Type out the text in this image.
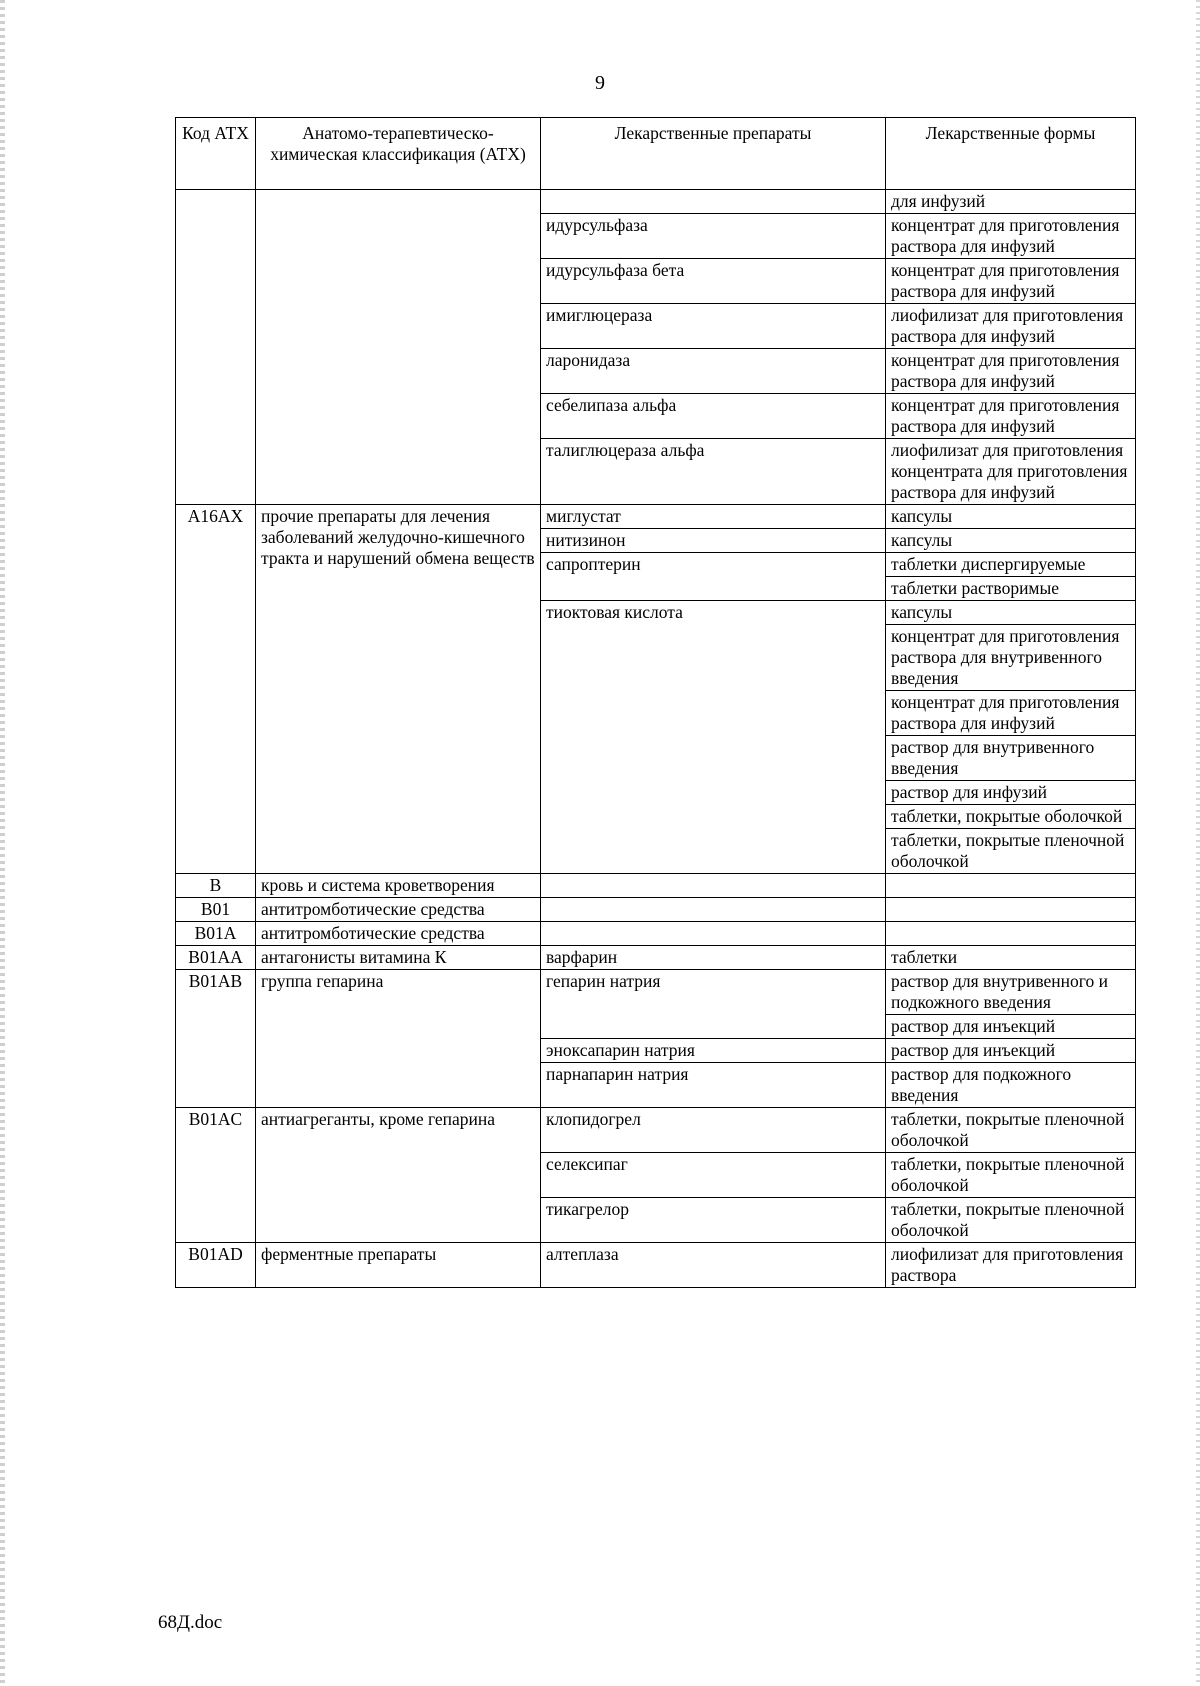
9
Код АТХ	Анатомо-терапевтическо-химическая классификация (АТХ)	Лекарственные препараты	Лекарственные формы
			для инфузий
		идурсульфаза	концентрат для приготовления раствора для инфузий
		идурсульфаза бета	концентрат для приготовления раствора для инфузий
		имиглюцераза	лиофилизат для приготовления раствора для инфузий
		ларонидаза	концентрат для приготовления раствора для инфузий
		себелипаза альфа	концентрат для приготовления раствора для инфузий
		талиглюцераза альфа	лиофилизат для приготовления концентрата для приготовления раствора для инфузий
A16AX	прочие препараты для лечения заболеваний желудочно-кишечного тракта и нарушений обмена веществ	миглустат	капсулы
		нитизинон	капсулы
		сапроптерин	таблетки диспергируемые
			таблетки растворимые
		тиоктовая кислота	капсулы
			концентрат для приготовления раствора для внутривенного введения
			концентрат для приготовления раствора для инфузий
			раствор для внутривенного введения
			раствор для инфузий
			таблетки, покрытые оболочкой
			таблетки, покрытые пленочной оболочкой
B	кровь и система кроветворения		
B01	антитромботические средства		
B01A	антитромботические средства		
B01AA	антагонисты витамина К	варфарин	таблетки
B01AB	группа гепарина	гепарин натрия	раствор для внутривенного и подкожного введения
			раствор для инъекций
		эноксапарин натрия	раствор для инъекций
		парнапарин натрия	раствор для подкожного введения
B01AC	антиагреганты, кроме гепарина	клопидогрел	таблетки, покрытые пленочной оболочкой
		селексипаг	таблетки, покрытые пленочной оболочкой
		тикагрелор	таблетки, покрытые пленочной оболочкой
B01AD	ферментные препараты	алтеплаза	лиофилизат для приготовления раствора
68Д.doc
